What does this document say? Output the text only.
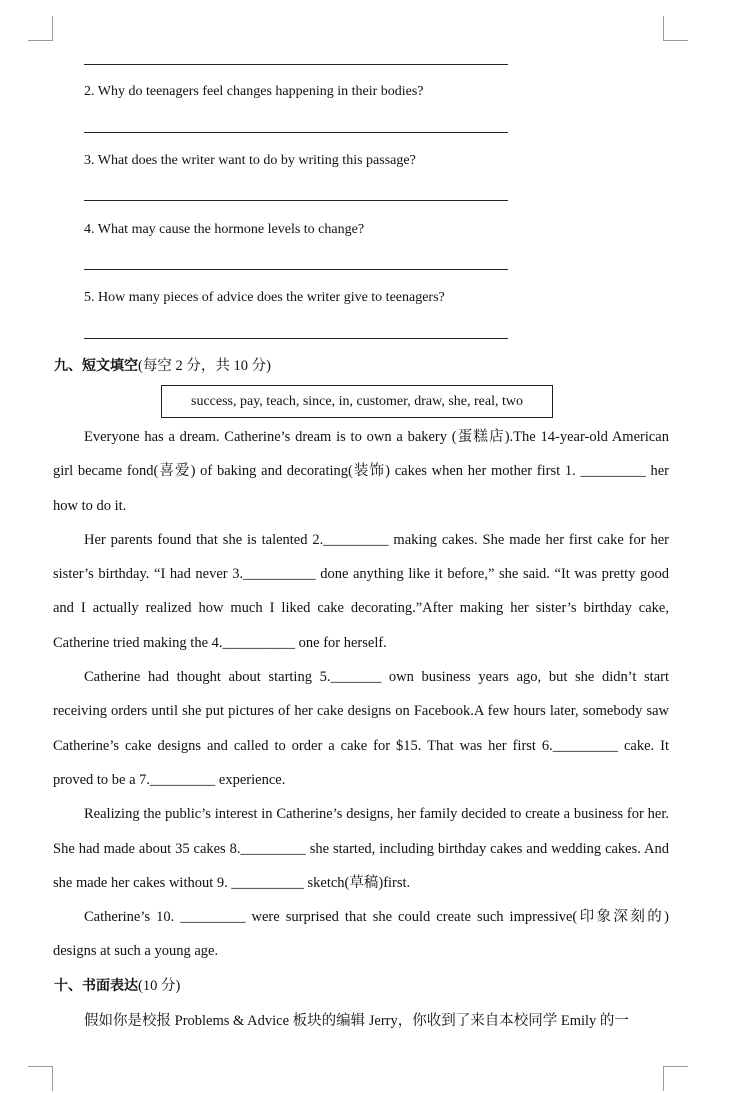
2. Why do teenagers feel changes happening in their bodies?
3. What does the writer want to do by writing this passage?
4. What may cause the hormone levels to change?
5. How many pieces of advice does the writer give to teenagers?
九、短文填空(每空 2 分，共 10 分)
success, pay, teach, since, in, customer, draw, she, real, two

Everyone has a dream. Catherine’s dream is to own a bakery (蛋糕店).The 14-year-old American girl became fond(喜爱) of baking and decorating(装饰) cakes when her mother first 1. _________ her how to do it.

Her parents found that she is talented 2._________ making cakes. She made her first cake for her sister’s birthday. “I had never 3.__________ done anything like it before,” she said. “It was pretty good and I actually realized how much I liked cake decorating.”After making her sister’s birthday cake, Catherine tried making the 4.__________ one for herself.

Catherine had thought about starting 5._______ own business years ago, but she didn’t start receiving orders until she put pictures of her cake designs on Facebook.A few hours later, somebody saw Catherine’s cake designs and called to order a cake for $15. That was her first 6._________ cake. It proved to be a 7._________ experience.

Realizing the public’s interest in Catherine’s designs, her family decided to create a business for her. She had made about 35 cakes 8._________ she started, including birthday cakes and wedding cakes. And she made her cakes without 9. __________ sketch(草稿)first.

Catherine’s 10. _________ were surprised that she could create such impressive(印象深刻的) designs at such a young age.

十、书面表达(10 分)
假如你是校报 Problems & Advice 板块的编辑 Jerry，你收到了来自本校同学 Emily 的一
